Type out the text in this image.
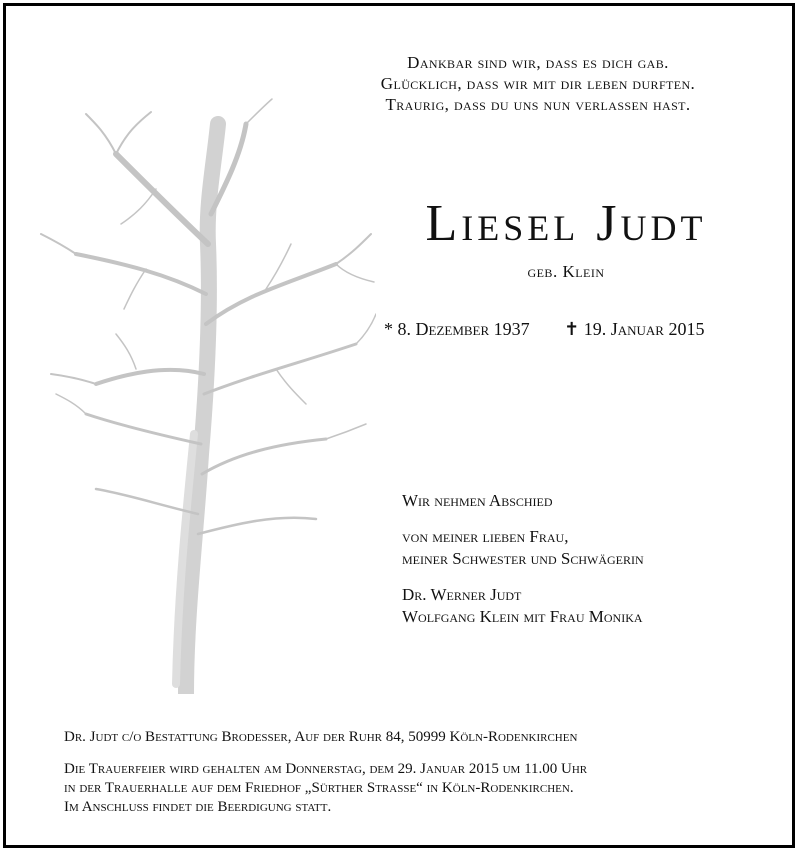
Dankbar sind wir, dass es dich gab.
Glücklich, dass wir mit dir leben durften.
Traurig, dass du uns nun verlassen hast.
Liesel Judt
geb. Klein
* 8. Dezember 1937 ✝ 19. Januar 2015
Wir nehmen Abschied
von meiner lieben Frau,
meiner Schwester und Schwägerin
Dr. Werner Judt
Wolfgang Klein mit Frau Monika
Dr. Judt c/o Bestattung Brodesser, Auf der Ruhr 84, 50999 Köln-Rodenkirchen
Die Trauerfeier wird gehalten am Donnerstag, dem 29. Januar 2015 um 11.00 Uhr
in der Trauerhalle auf dem Friedhof „Sürther Strasse“ in Köln-Rodenkirchen.
Im Anschluss findet die Beerdigung statt.
